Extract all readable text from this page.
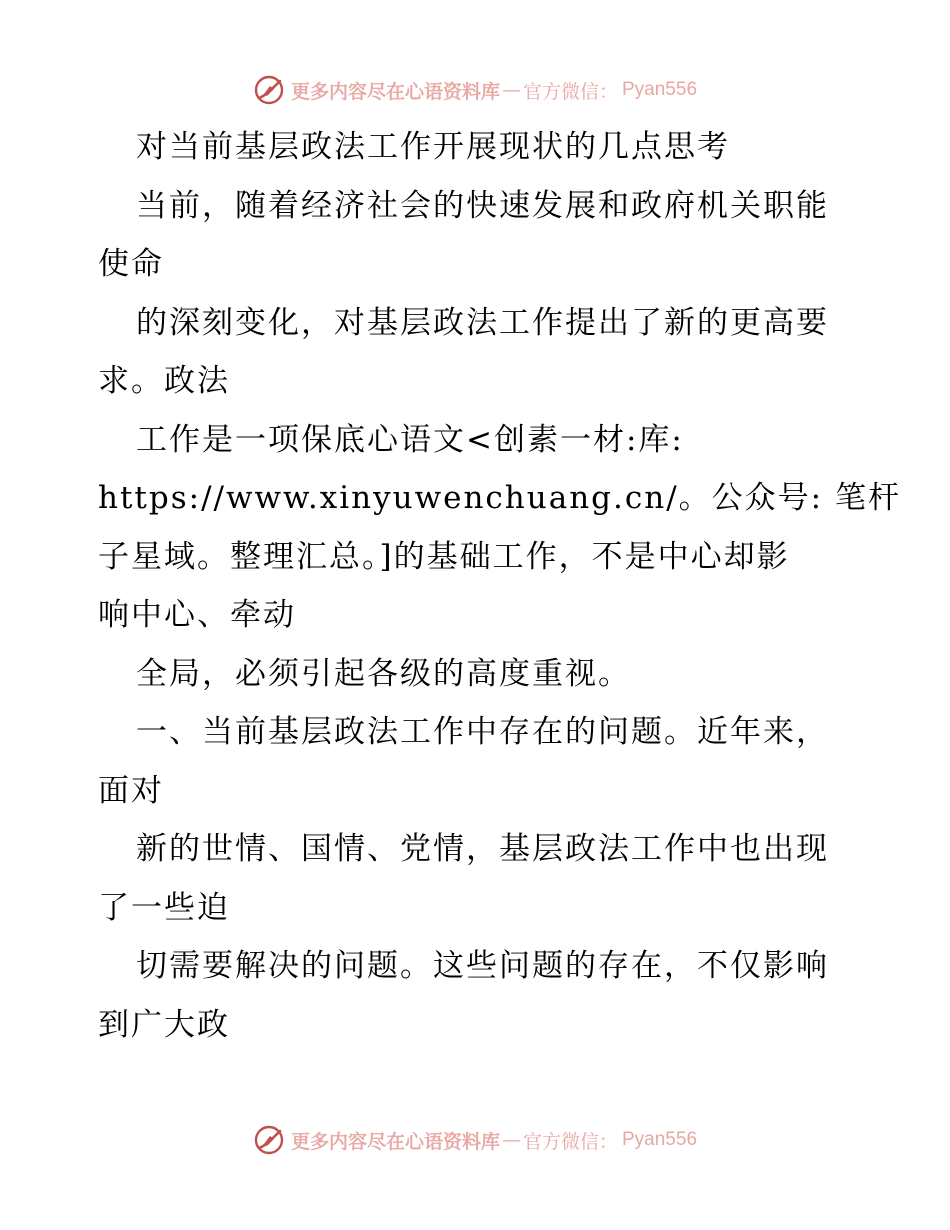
更多内容尽在心语资料库 — 官方微信： Pyan556
对当前基层政法工作开展现状的几点思考
当前，随着经济社会的快速发展和政府机关职能
使命
的深刻变化，对基层政法工作提出了新的更高要
求。政法
工作是一项保底心语文<创素一材:库:
https://www.xinyuwenchuang.cn/。公众号: 笔杆
子星域。整理汇总。]的基础工作，不是中心却影
响中心、牵动
全局，必须引起各级的高度重视。
一、当前基层政法工作中存在的问题。近年来，
面对
新的世情、国情、党情，基层政法工作中也出现
了一些迫
切需要解决的问题。这些问题的存在，不仅影响
到广大政
更多内容尽在心语资料库 — 官方微信： Pyan556
